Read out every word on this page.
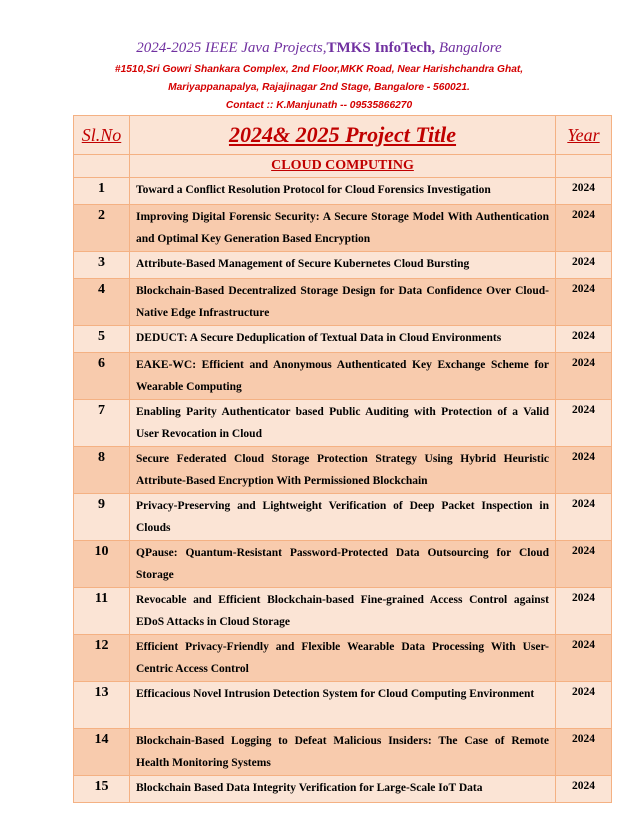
2024-2025 IEEE Java Projects,TMKS InfoTech, Bangalore
#1510,Sri Gowri Shankara Complex, 2nd Floor,MKK Road, Near Harishchandra Ghat,
Mariyappanapalya, Rajajinagar 2nd Stage, Bangalore - 560021.
Contact :: K.Manjunath -- 09535866270
Sl.No	2024& 2025 Project Title	Year
	CLOUD COMPUTING	
1	Toward a Conflict Resolution Protocol for Cloud Forensics Investigation	2024
2	Improving Digital Forensic Security: A Secure Storage Model With Authentication and Optimal Key Generation Based Encryption	2024
3	Attribute-Based Management of Secure Kubernetes Cloud Bursting	2024
4	Blockchain-Based Decentralized Storage Design for Data Confidence Over Cloud-Native Edge Infrastructure	2024
5	DEDUCT: A Secure Deduplication of Textual Data in Cloud Environments	2024
6	EAKE-WC: Efficient and Anonymous Authenticated Key Exchange Scheme for Wearable Computing	2024
7	Enabling Parity Authenticator based Public Auditing with Protection of a Valid User Revocation in Cloud	2024
8	Secure Federated Cloud Storage Protection Strategy Using Hybrid Heuristic Attribute-Based Encryption With Permissioned Blockchain	2024
9	Privacy-Preserving and Lightweight Verification of Deep Packet Inspection in Clouds	2024
10	QPause: Quantum-Resistant Password-Protected Data Outsourcing for Cloud Storage	2024
11	Revocable and Efficient Blockchain-based Fine-grained Access Control against EDoS Attacks in Cloud Storage	2024
12	Efficient Privacy-Friendly and Flexible Wearable Data Processing With User-Centric Access Control	2024
13	Efficacious Novel Intrusion Detection System for Cloud Computing Environment	2024
14	Blockchain-Based Logging to Defeat Malicious Insiders: The Case of Remote Health Monitoring Systems	2024
15	Blockchain Based Data Integrity Verification for Large-Scale IoT Data	2024
